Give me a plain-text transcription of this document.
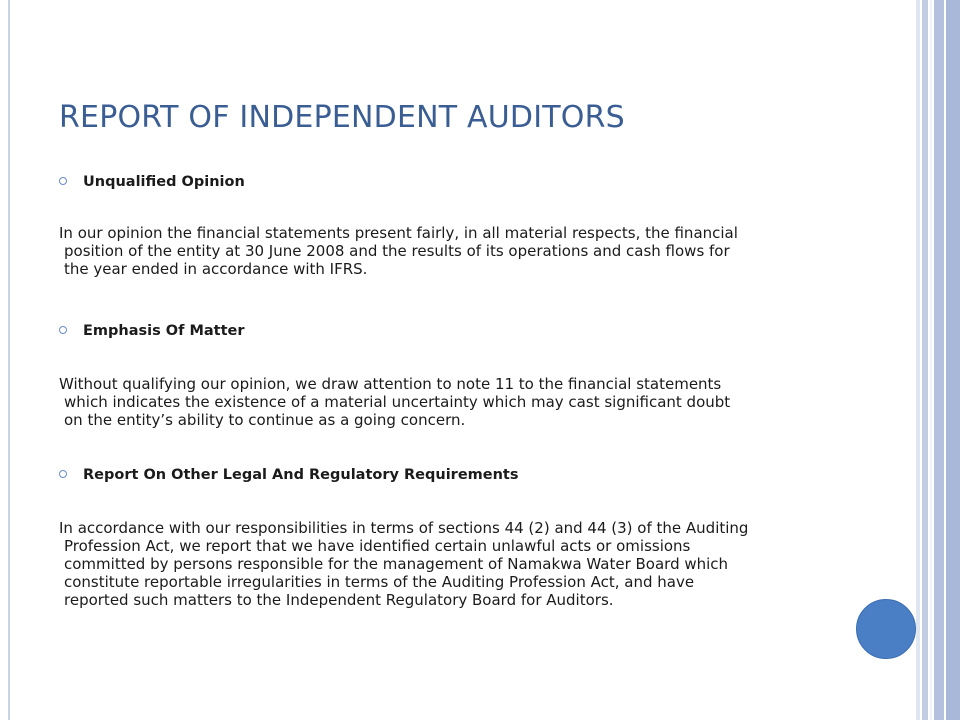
REPORT OF INDEPENDENT AUDITORS
Unqualified Opinion
In our opinion the financial statements present fairly, in all material respects, the financial
position of the entity at 30 June 2008 and the results of its operations and cash flows for
the year ended in accordance with IFRS.
Emphasis Of Matter
Without qualifying our opinion, we draw attention to note 11 to the financial statements
which indicates the existence of a material uncertainty which may cast significant doubt
on the entity’s ability to continue as a going concern.
Report On Other Legal And Regulatory Requirements
In accordance with our responsibilities in terms of sections 44 (2) and 44 (3) of the Auditing
Profession Act, we report that we have identified certain unlawful acts or omissions
committed by persons responsible for the management of Namakwa Water Board which
constitute reportable irregularities in terms of the Auditing Profession Act, and have
reported such matters to the Independent Regulatory Board for Auditors.
